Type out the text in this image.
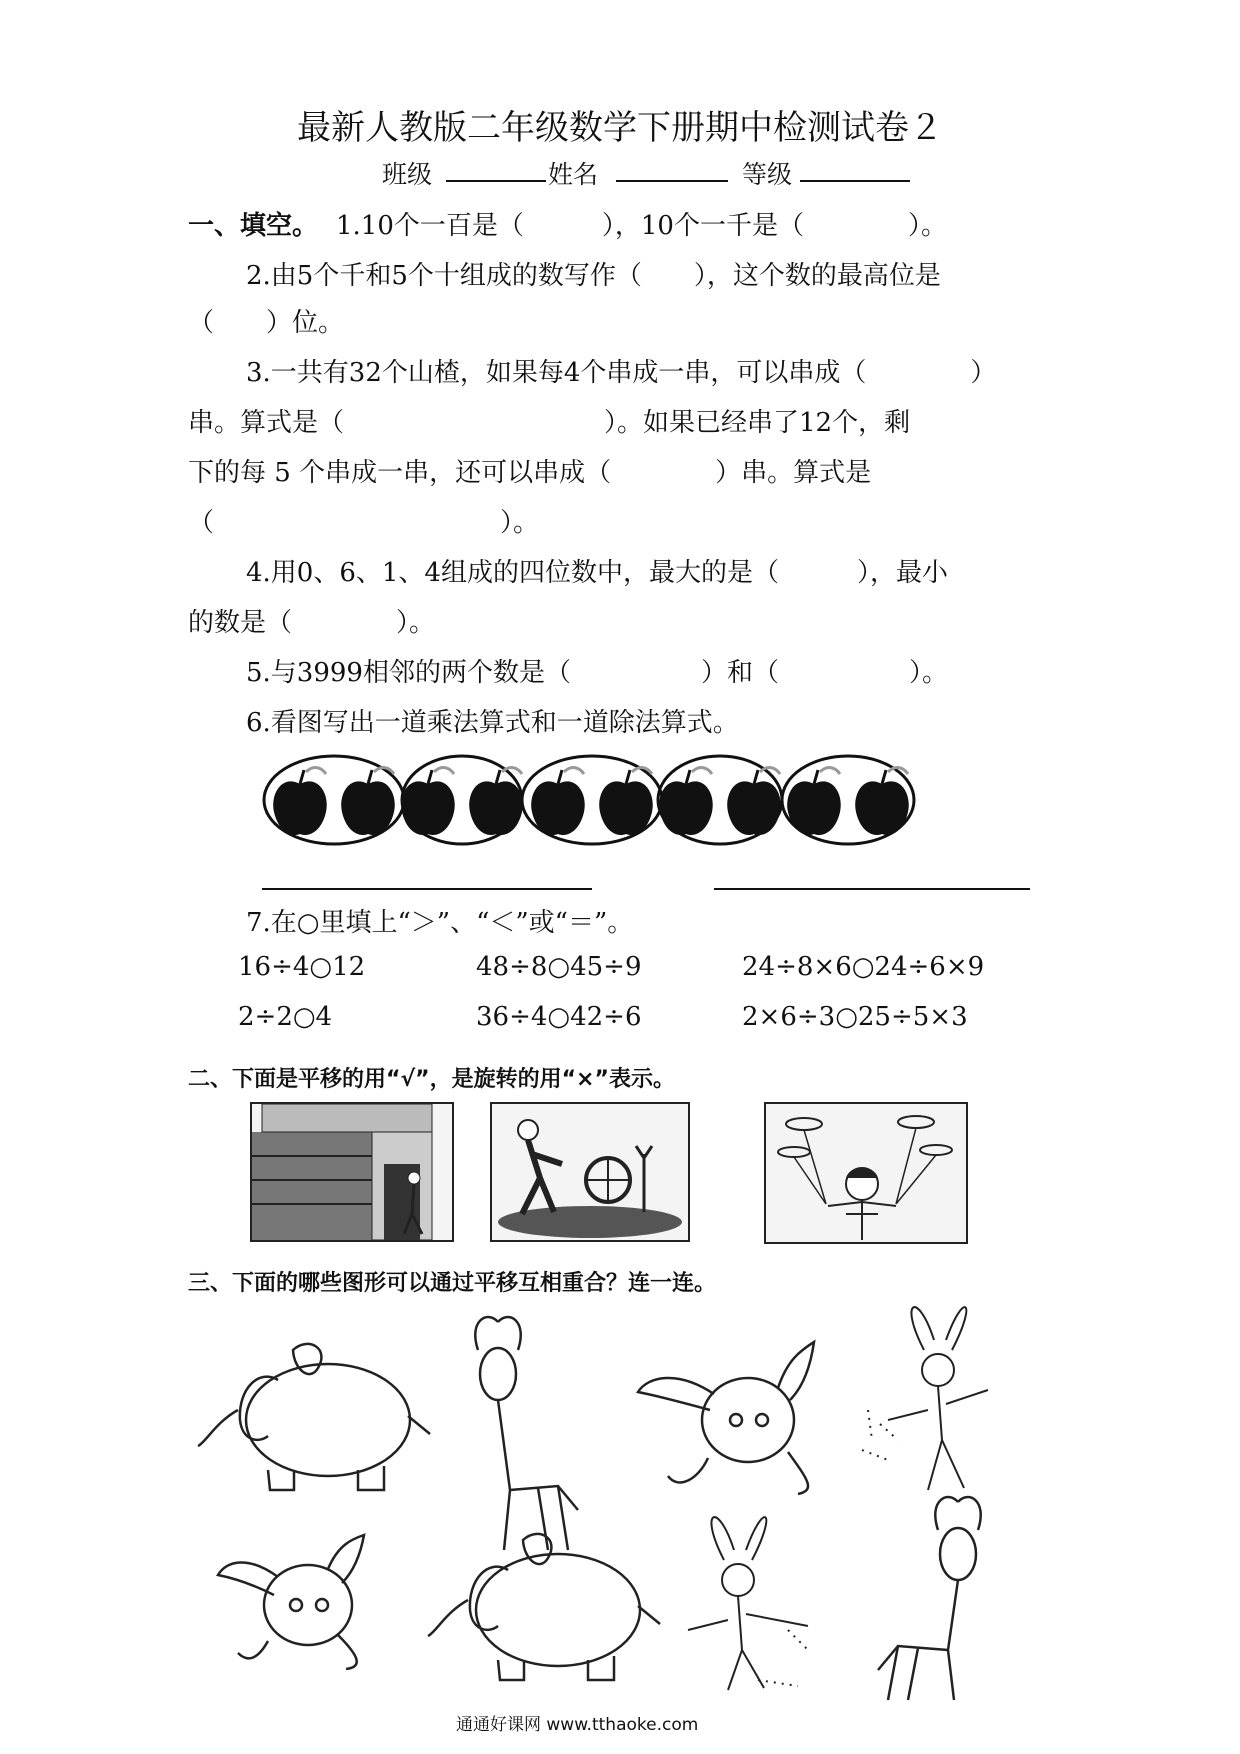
最新人教版二年级数学下册期中检测试卷２
班级	姓名	等级
一、填空。 1.10个一百是（　　　），10个一千是（　　　　）。
2.由5个千和5个十组成的数写作（　　），这个数的最高位是
（　　）位。
3.一共有32个山楂，如果每4个串成一串，可以串成（　　　　）
串。算式是（　　　　　　　　　　）。如果已经串了12个，剩
下的每 5 个串成一串，还可以串成（　　　　）串。算式是
（　　　　　　　　　　　）。
4.用0、6、1、4组成的四位数中，最大的是（　　　），最小
的数是（　　　　）。
5.与3999相邻的两个数是（　　　　　）和（　　　　　）。
6.看图写出一道乘法算式和一道除法算式。
7.在○里填上“＞”、“＜”或“＝”。
16÷4○12	48÷8○45÷9	24÷8×6○24÷6×9
2÷2○4	36÷4○42÷6	2×6÷3○25÷5×3
二、下面是平移的用“√”，是旋转的用“×”表示。
三、下面的哪些图形可以通过平移互相重合？连一连。
通通好课网 www.tthaoke.com
